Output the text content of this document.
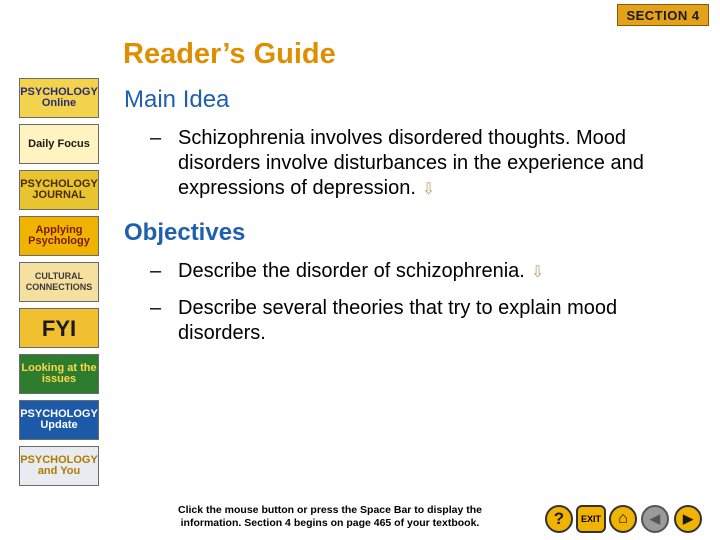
SECTION 4
Reader’s Guide
PSYCHOLOGY Online
Daily Focus
PSYCHOLOGY JOURNAL
Applying Psychology
CULTURAL CONNECTIONS
FYI
Looking at the issues
PSYCHOLOGY Update
PSYCHOLOGY and You
Main Idea
– Schizophrenia involves disordered thoughts. Mood disorders involve disturbances in the experience and expressions of depression. ⇩
Objectives
– Describe the disorder of schizophrenia. ⇩
– Describe several theories that try to explain mood disorders.
Click the mouse button or press the Space Bar to display the
information. Section 4 begins on page 465 of your textbook.	? EXIT ⌂ ◀ ▶
